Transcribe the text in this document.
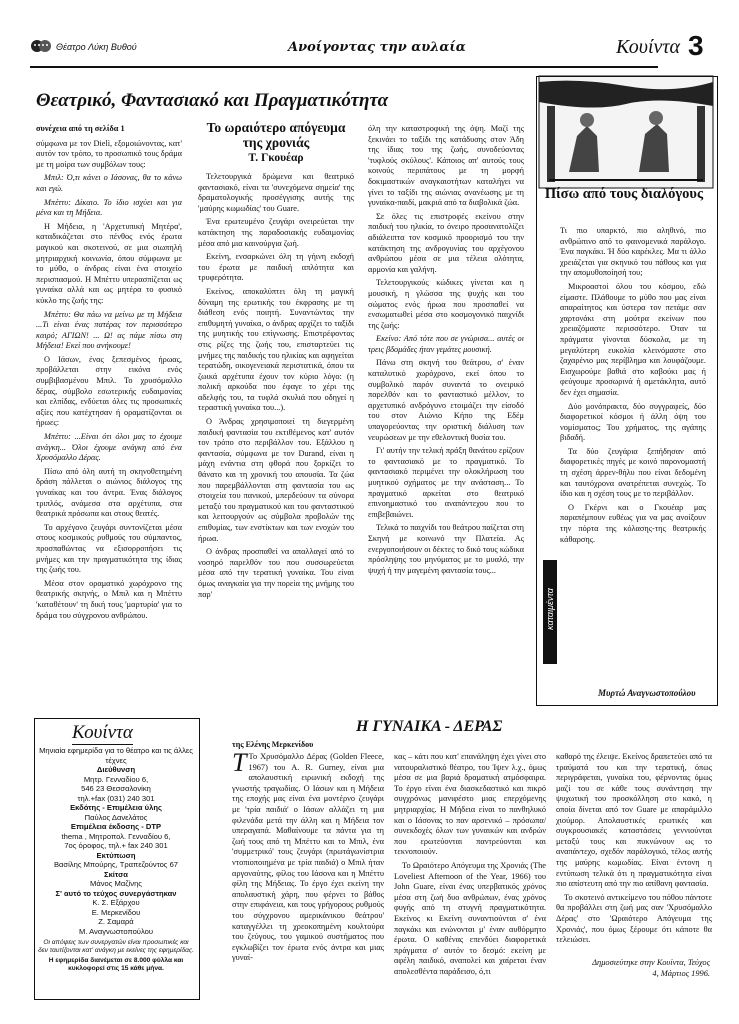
Θέατρο Λύκη Βυθού	Ανοίγοντας την αυλαία	Κουίντα 3
Θεατρικό, Φαντασιακό και Πραγματικότητα

συνέχεια από τη σελίδα 1

σύμφωνα με τον Dielì, εξομοιώνοντας, κατ' αυτόν τον τρόπο, το προσωπικό τους δράμα με τη μοίρα των συμβόλων τους:

Μπιλ: Ό,τι κάνει ο Ιάσονας, θα το κάνω και εγώ.

Μπέττυ: Δίκαιο. Το ίδιο ισχύει και για μένα και τη Μήδεια.

Η Μήδεια, η 'Αρχετυπική Μητέρα', καταδικάζεται στο πένθος ενός έρωτα μαγικού και σκοτεινού, σε μια σιωπηλή μητριαρχική κοινωνία, όπου σύμφωνα με το μύθο, ο άνδρας είναι ένα στοιχείο περισπασμού. Η Μπέττυ υπερασπίζεται ως γυναίκα αλλά και ως μητέρα το φυσικό κύκλο της ζωής της:

Μπέττυ: Θα πάω να μείνω με τη Μήδεια ...Τι είναι ένας πατέρας τον περισσότερο καιρό; ΑΓΙΩΝ! ... Ω! ας πάμε πίσω στη Μήδεια! Εκεί που ανήκουμε!

Ο Ιάσων, ένας ξεπεσμένος ήρωας, προβάλλεται στην εικόνα ενός συμβιβασμένου Μπιλ. Το χρυσόμαλλο δέρας, σύμβολο εσωτερικής ευδαιμονίας και ελπίδας, ενδύεται όλες τις προσωπικές αξίες που κατέχτησαν ή οραματίζονται οι ήρωες:

Μπέττυ: ...Είναι ότι όλοι μας το έχουμε ανάγκη... Όλοι έχουμε ανάγκη από ένα Χρυσόμαλλο Δέρας.

Πίσω από όλη αυτή τη σκηνοθετημένη δράση πάλλεται ο αιώνιος διάλογος της γυναίκας και του άντρα. Ένας διάλογος τριπλός, ανάμεσα στα αρχέτυπα, στα θεατρικά πρόσωπα και στους θεατές.

Το αρχέγονο ζευγάρι συντονίζεται μέσα στους κοσμικούς ρυθμούς του σύμπαντος, προσπαθώντας να εξισορροπήσει τις μνήμες και την πραγματικότητα της ίδιας της ζωής του.

Μέσα στον οραματικό χωρόχρονο της θεατρικής σκηνής, ο Μπιλ και η Μπέττυ 'καταθέτουν' τη δική τους 'μαρτυρία' για το δράμα του σύγχρονου ανθρώπου.

Το ωραιότερο απόγευμα της χρονιάς
Τ. Γκουέαρ

Τελετουργικά δρώμενα και θεατρικό φαντασιακό, είναι τα 'συνεχόμενα σημεία' της δραματολογικής προσέγγισης αυτής της 'μαύρης κωμωδίας' του Guare.

Ένα ερωτευμένο ζευγάρι ονειρεύεται την κατάκτηση της παραδοσιακής ευδαιμονίας μέσα από μια καινούργια ζωή.

Εκείνη, ενσαρκώνει όλη τη γήινη εκδοχή του έρωτα με παιδική απλότητα και τρυφερότητα.

Εκείνος, αποκαλύπτει όλη τη μαγική δύναμη της ερωτικής του έκφρασης με τη διάθεση ενός ποιητή. Συναντώντας την επιθυμητή γυναίκα, ο άνδρας αρχίζει το ταξίδι της μυητικής του επίγνωσης. Επιστρέφοντας στις ρίζες της ζωής του, επισταρτεύει τις μνήμες της παιδικής του ηλικίας και αφηγείται τερατώδη, οικογενειακά περιστατικά, όπου τα ζωικά αρχέτυπα έχουν τον κύριο λόγο: (η πολική αρκούδα που έφαγε το χέρι της αδελφής του, τα τυφλά σκυλιά που οδηγεί η τεραστική γυναίκα του...).

Ο Άνδρας χρησιμοποιεί τη διεγερμένη παιδική φαντασία του εκτιθέμενος κατ' αυτόν τον τρόπο στο περιβάλλον του. Εξάλλου η φαντασία, σύμφωνα με τον Durand, είναι η μάχη ενάντια στη φθορά που ξορκίζει το θάνατο και τη χρονική του απουσία. Τα ζώα που παρεμβάλλονται στη φαντασία του ως στοιχεία του πανικού, μπερδεύουν τα σύνορα μεταξύ του πραγματικού και του φανταστικού και λειτουργούν ως σύμβολα προβολών της επιθυμίας, των ενστίκτων και των ενοχών του ήρωα.

Ο άνδρας προσπαθεί να απαλλαγεί από το νοσηρό παρελθόν του που συσσωρεύεται μέσα από την τερατική γυναίκα. Του είναι όμως αναγκαία για την πορεία της μνήμης του παρ'

όλη την καταστροφική της όψη. Μαζί της ξεκινάει το ταξίδι της κατάδυσης στον Άδη της ίδιας του της ζωής, συνοδεύοντας 'τυφλούς σκύλους'. Κάποιος απ' αυτούς τους κοινούς περιπάτους με τη μορφή δοκιμαστικών αναγκαιοτήτων καταλήγει να γίνει το ταξίδι της αιώνιας ανανέωσης με τη γυναίκα-παιδί, μακριά από τα διαβολικά ζώα.

Σε όλες τις επιστροφές εκείνου στην παιδική του ηλικία, το όνειρο προσανατολίζει αδιάλειπτα τον κοσμικό προορισμό του την κατάκτηση της ανδρογυνίας του αρχέγονου ανθρώπου μέσα σε μια τέλεια ολότητα, αρμονία και γαλήνη.

Τελετουργικούς κώδικες γίνεται και η μουσική, η γλώσσα της ψυχής και του σώματος ενός ήρωα που προσπαθεί να ενσωματωθεί μέσα στο κοσμογονικό παιχνίδι της ζωής:

Εκείνο: Από τότε που σε γνώρισα... αυτές οι τρεις βδομάδες ήταν γεμάτες μουσική.

Πάνω στη σκηνή του θεάτρου, σ' έναν καταλυτικό χωρόχρονο, εκεί όπου το συμβολικό παρόν συναντά το ονειρικό παρελθόν και το φανταστικό μέλλον, το αρχετυπικό ανδρόγυνο ετοιμάζει την είσοδό του στον Αιώνιο Κήπο της Εδέμ υπαγορεύοντας την οριστική διάλυση των νευρώσεων με την εθελοντική θυσία του.

Γι' αυτήν την τελική πράξη θανάτου ερίζουν το φαντασιακό με το πραγματικό. Το φαντασιακό περιμένει την ολοκλήρωση του μυητικού σχήματος με την ανάσταση... Το πραγματικό αρκείται στο θεατρικό επινοημαστικό του αναπάντεχου που το επιβεβαιώνει.

Τελικά το παιχνίδι του θεάτρου παίζεται στη Σκηνή με κοινωνό την Πλατεία. Ας ενεργοποιήσουν οι δέκτες το δικό τους κώδικα πρόσληψης του μηνύματος με το μυαλό, την ψυχή ή την μαγεμένη φαντασία τους...

Πίσω από τους διαλόγους

Τι πιο υπαρκτό, πιο αληθινό, πιο ανθρώπινο από το φαινομενικά παράλογο. Ένα παγκάκι. Ή δύο καρέκλες. Μα τι άλλο χρειάζεται για σκηνικό του πάθους και για την απομυθοποίησή του;

Μικροαστοί όλου του κόσμου, εδώ είμαστε. Πλάθουμε το μύθο που μας είναι απαραίτητος και ύστερα τον πετάμε σαν χαρτονάκι στη μούτρα εκείνων που χρειαζόμαστε περισσότερο. Όταν τα πράγματα γίνονται δύσκολα, με τη μεγαλύτερη ευκολία κλεινόμαστε στο ζαχαρένιο μας περίβλημα και λουφάζουμε. Εισχωρούμε βαθιά στο καβούκι μας ή φεύγουμε προσωρινά ή αμετάκλητα, αυτό δεν έχει σημασία.

Δύο μονόπρακτα, δύο συγγραφείς, δύο διαφορετικοί κόσμοι ή άλλη όψη του νομίσματος; Του χρήματος, της αγάπης βιδαδή.

Τα δύο ζευγάρια ξεπήδησαν από διαφορετικές πηγές με κοινό παρονομαστή τη σχέση άρρεν-θήλυ που είναι δεδομένη και ταυτόχρονα ανατρέπεται συνεχώς. Το ίδιο και η σχέση τους με το περιβάλλον.

Ο Γκέρνι και ο Γκουέαρ μας παραπέμπουν ευθέως για να μας ανοίξουν την πόρτα της κόλασης-της θεατρικής κάθαρσης.

καταιμέντα
Μυρτώ Αναγνωστοπούλου
Κουίντα
Μηνιαία εφημερίδα για το θέατρο και τις άλλες τέχνες
Διεύθυνση
Μητρ. Γενναδίου 6,
546 23 Θεσσαλονίκη
τηλ.+fax (031) 240 301
Εκδότης - Επιμέλεια ύλης
Παύλος Δανελάτος
Επιμέλεια έκδοσης - DTP
thema , Μητροπολ. Γενναδίου 6,
7ος όροφος, τηλ.+ fax 240 301
Εκτύπωση
Βασίλης Μπούρης, Τραπεζούντος 67
Σκίτσα
Μάνος Μαζίνης
Σ' αυτό το τεύχος συνεργάστηκαν
Κ. Σ. Εξάρχου
Ε. Μερκενίδου
Ζ. Σαμαρά
Μ. Αναγνωστοπούλου
Οι απόψεις των συνεργατών είναι προσωπικές και δεν ταυτίζονται κατ' ανάγκη με εκείνες της εφημερίδας.
Η εφημερίδα διανέμεται σε 8.000 φύλλα και κυκλοφορεί στις 15 κάθε μήνα.
Η ΓΥΝΑΙΚΑ - ΔΕΡΑΣ
της Ελένης Μερκενίδου

Τ Το Χρυσόμαλλο Δέρας (Golden Fleece, 1967) του A. R. Gurney, είναι μια απολαυστική ειρωνική εκδοχή της γνωστής τραγωδίας. Ο Ιάσων και η Μήδεια της εποχής μας είναι ένα μοντέρνο ζευγάρι με 'τρία παιδιά' ο Ιάσων αλλάζει τη μια φιλενάδα μετά την άλλη και η Μήδεια τον υπεραγαπά. Μαθαίνουμε τα πάντα για τη ζωή τους από τη Μπέττυ και το Μπιλ, ένα 'συμμετρικό' τους ζευγάρι (πρωτάγωνίστρια ντοπιοποιημένα με τρία παιδιά) ο Μπιλ ήταν αργοναύτης, φίλος του Ιάσονα και η Μπέττυ φίλη της Μήδειας. Το έργο έχει εκείνη την απολαυστική χάρη, που φέρνει το βάθος στην επιφάνεια, και τους γρήγορους ρυθμούς του σύγχρονου αμερικάνικου θεάτρου' καταγγέλλει τη χρεοκοπημένη κουλτούρα του ζεύγους, του γαμικού συστήματος που εγκλωβίζει τον έρωτα ενός άντρα και μιας γυναί-

κας – κάτι που κατ' επανάληψη έχει γίνει στο νατουραλιστικό θέατρο, του Ίψεν λ.χ., όμως μέσα σε μια βαριά δραματική ατμόσφαιρα. Το έργο είναι ένα διασκεδαστικό και πικρό συγχρόνως μανιφέστο μιας επερχόμενης μητριαρχίας. Η Μήδεια είναι το πανθηλυκό και ο Ιάσονας το παν αρσενικό – πρόσωπα/συνεκδοχές όλων των γυναικών και ανδρών που ερωτεύονται παντρεύονται και τεκνοποιούν.

Το Ωραιότερο Απόγευμα της Χρονιάς (The Loveliest Afternoon of the Year, 1966) του John Guare, είναι ένας υπερβατικός χρόνος μέσα στη ζωή δυο ανθρώπων, ένας χρόνος φυγής από τη στυγνή πραγματικότητα. Εκείνος κι Εκείνη συναντιούνται σ' ένα παγκάκι και ενώνονται μ' έναν αυθόρμητο έρωτα. Ο καθένας επενδύει διαφορετικά πράγματα σ' αυτόν το δεσμό: εκείνη με αφέλη παιδικό, αναπολεί και χαίρεται έναν απολεσθέντα παράδεισο, ό,τι

καθαρό της έλειψε. Εκείνος δραπετεύει από τα τραύματά του και την τερατική, όπως περιγράφεται, γυναίκα του, φέρνοντας όμως μαζί του σε κάθε τους συνάντηση την ψυχωτική του προσκόλληση στο κακό, η οποία δίνεται από τον Guare με απαράμιλλο χιούμορ. Απολαυστικές ερωτικές και συγκρουσιακές καταστάσεις γεννιούνται μεταξύ τους και πυκνώνουν ως το αναπάντεχο, σχεδόν παράλογικό, τέλος αυτής της μαύρης κωμωδίας. Είναι έντονη η εντύπωση τελικά ότι η πραγματικότητα είναι πιο απίστευτη από την πιο απίθανη φαντασία.

Το σκοτεινό αντικείμενο του πόθου πάντοτε θα προβάλλει στη ζωή μας σαν 'Χρυσόμαλλο Δέρας' στο 'Ωραιότερο Απόγευμα της Χρονιάς', που όμως ξέρουμε ότι κάποτε θα τελειώσει.

Δημοσιεύτηκε στην Κουίντα, Τεύχος 4, Μάρτιος 1996.
